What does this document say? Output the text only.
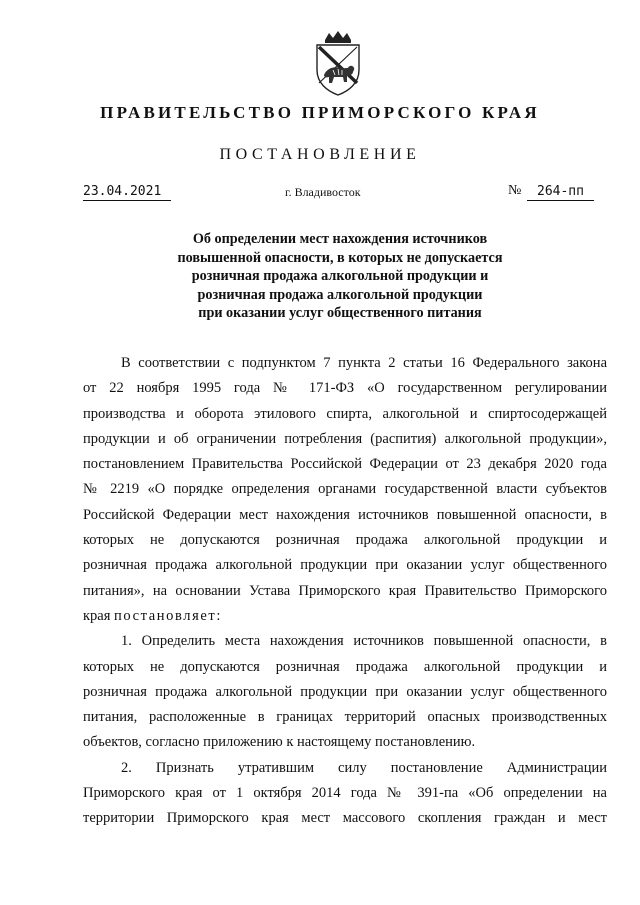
ПРАВИТЕЛЬСТВО ПРИМОРСКОГО КРАЯ
ПОСТАНОВЛЕНИЕ
23.04.2021	г. Владивосток	№	264-пп
Об определении мест нахождения источников
повышенной опасности, в которых не допускается
розничная продажа алкогольной продукции и
розничная продажа алкогольной продукции
при оказании услуг общественного питания
В соответствии с подпунктом 7 пункта 2 статьи 16 Федерального закона
от 22 ноября 1995 года № 171-ФЗ «О государственном регулировании
производства и оборота этилового спирта, алкогольной и спиртосодержащей
продукции и об ограничении потребления (распития) алкогольной продукции»,
постановлением Правительства Российской Федерации от 23 декабря 2020 года
№ 2219 «О порядке определения органами государственной власти субъектов
Российской Федерации мест нахождения источников повышенной опасности, в
которых не допускаются розничная продажа алкогольной продукции и
розничная продажа алкогольной продукции при оказании услуг общественного
питания», на основании Устава Приморского края Правительство Приморского
края постановляет:
1. Определить места нахождения источников повышенной опасности, в
которых не допускаются розничная продажа алкогольной продукции и
розничная продажа алкогольной продукции при оказании услуг общественного
питания, расположенные в границах территорий опасных производственных
объектов, согласно приложению к настоящему постановлению.
2. Признать утратившим силу постановление Администрации
Приморского края от 1 октября 2014 года № 391-па «Об определении на
территории Приморского края мест массового скопления граждан и мест
